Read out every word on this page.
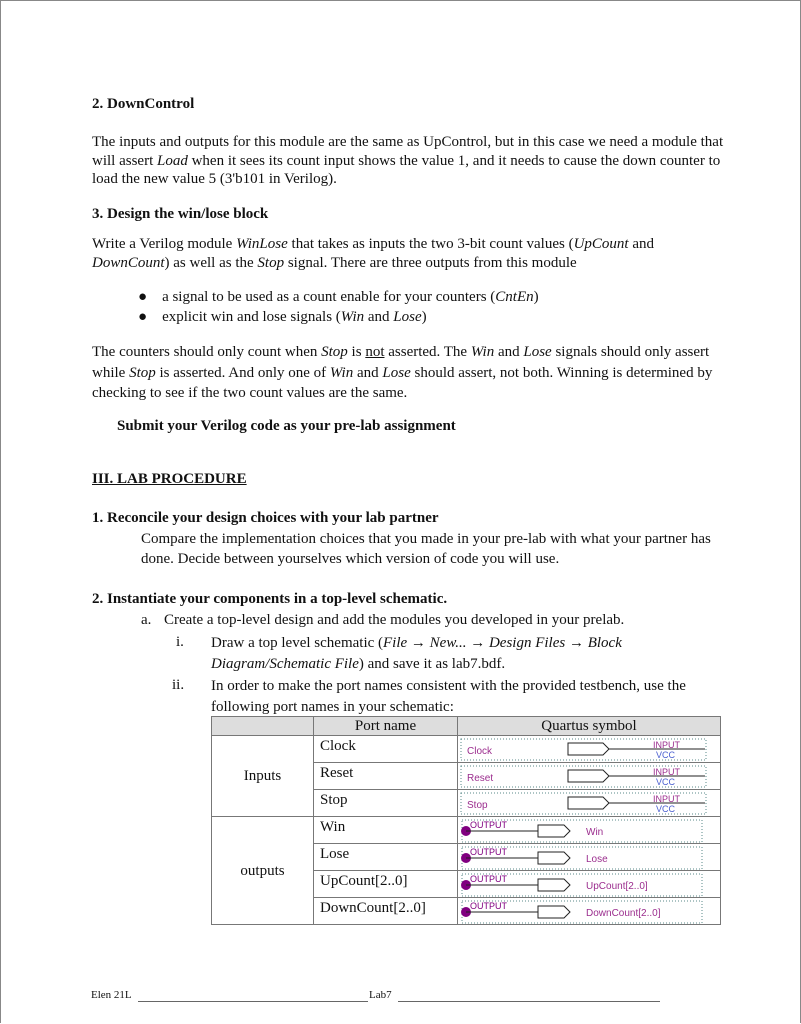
2. DownControl
The inputs and outputs for this module are the same as UpControl, but in this case we need a module that will assert Load when it sees its count input shows the value 1, and it needs to cause the down counter to load the new value 5 (3'b101 in Verilog).
3. Design the win/lose block
Write a Verilog module WinLose that takes as inputs the two 3-bit count values (UpCount and DownCount) as well as the Stop signal. There are three outputs from this module
●    a signal to be used as a count enable for your counters (CntEn)
●    explicit win and lose signals (Win and Lose)
The counters should only count when Stop is not asserted. The Win and Lose signals should only assert while Stop is asserted. And only one of Win and Lose should assert, not both. Winning is determined by checking to see if the two count values are the same.
Submit your Verilog code as your pre-lab assignment
III. LAB PROCEDURE
1. Reconcile your design choices with your lab partner
Compare the implementation choices that you made in your pre-lab with what your partner has done. Decide between yourselves which version of code you will use.
2. Instantiate your components in a top-level schematic.
a. Create a top-level design and add the modules you developed in your prelab.
i. Draw a top level schematic (File → New... → Design Files → Block Diagram/Schematic File) and save it as lab7.bdf.
ii. In order to make the port names consistent with the provided testbench, use the following port names in your schematic:
	Port name	Quartus symbol
Inputs	Clock	Clock
INPUT
VCC

	Reset	Reset
INPUT
VCC

	Stop	Stop
INPUT
VCC

outputs	Win	OUTPUT
Win

	Lose	OUTPUT
Lose

	UpCount[2..0]	OUTPUT
UpCount[2..0]

	DownCount[2..0]	OUTPUT
DownCount[2..0]
Elen 21L	Lab7
